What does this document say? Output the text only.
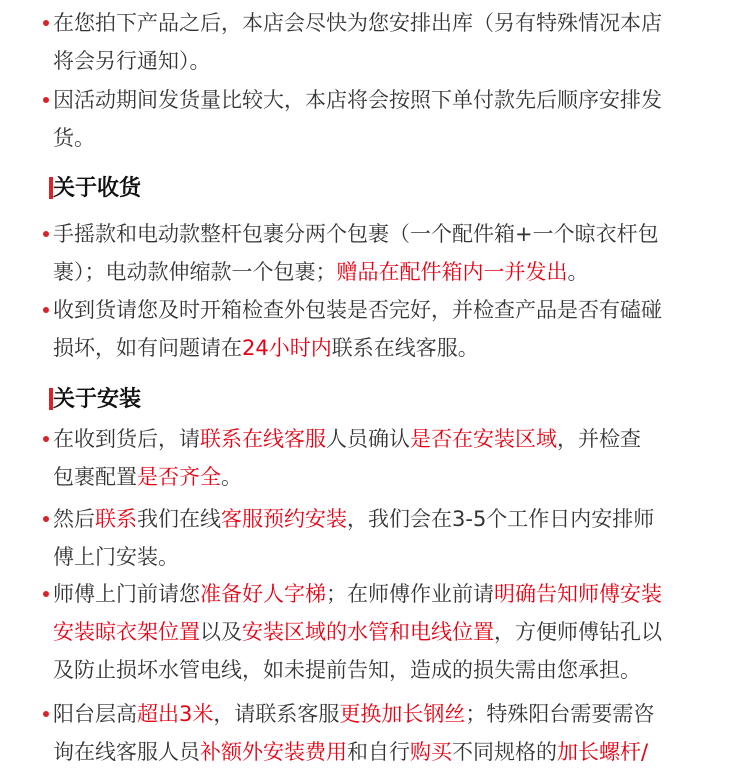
在您拍下产品之后，本店会尽快为您安排出库（另有特殊情况本店
将会另行通知）。
因活动期间发货量比较大，本店将会按照下单付款先后顺序安排发
货。
关于收货
手摇款和电动款整杆包裹分两个包裹（一个配件箱+一个晾衣杆包
裹）；电动款伸缩款一个包裹；赠品在配件箱内一并发出。
收到货请您及时开箱检查外包装是否完好，并检查产品是否有磕碰
损坏，如有问题请在24小时内联系在线客服。
关于安装
在收到货后，请联系在线客服人员确认是否在安装区域，并检查
包裹配置是否齐全。
然后联系我们在线客服预约安装，我们会在3-5个工作日内安排师
傅上门安装。
师傅上门前请您准备好人字梯；在师傅作业前请明确告知师傅安装
安装晾衣架位置以及安装区域的水管和电线位置，方便师傅钻孔以
及防止损坏水管电线，如未提前告知，造成的损失需由您承担。
阳台层高超出3米，请联系客服更换加长钢丝；特殊阳台需要需咨
询在线客服人员补额外安装费用和自行购买不同规格的加长螺杆/
